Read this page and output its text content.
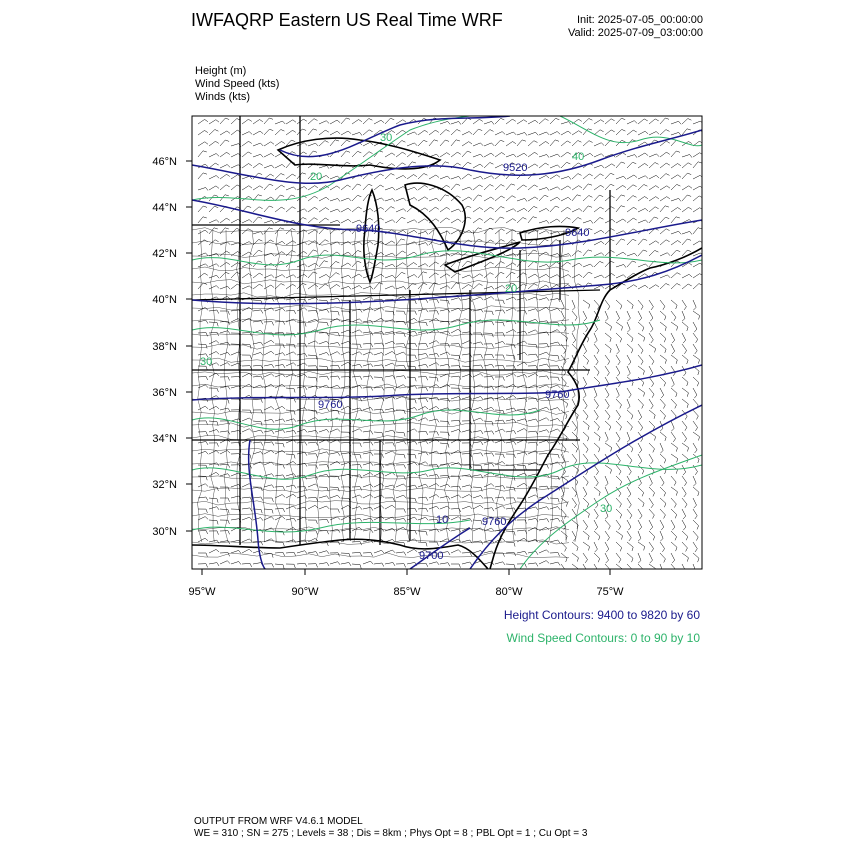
IWFAQRP Eastern US Real Time WRF	Init: 2025-07-05_00:00:00
Valid: 2025-07-09_03:00:00
Height (m)
Wind Speed (kts)
Winds (kts)
9520
9640	9640
9760
9760
9700
9760
30
40
20
20
30
30
10
46°N
44°N
42°N
40°N
38°N
36°N
34°N
32°N
30°N
95°W	90°W	85°W	80°W	75°W
Height Contours: 9400 to 9820 by 60
Wind Speed Contours: 0 to 90 by 10
OUTPUT FROM WRF V4.6.1 MODEL
WE = 310 ; SN = 275 ; Levels = 38 ; Dis = 8km ; Phys Opt = 8 ; PBL Opt = 1 ; Cu Opt = 3
